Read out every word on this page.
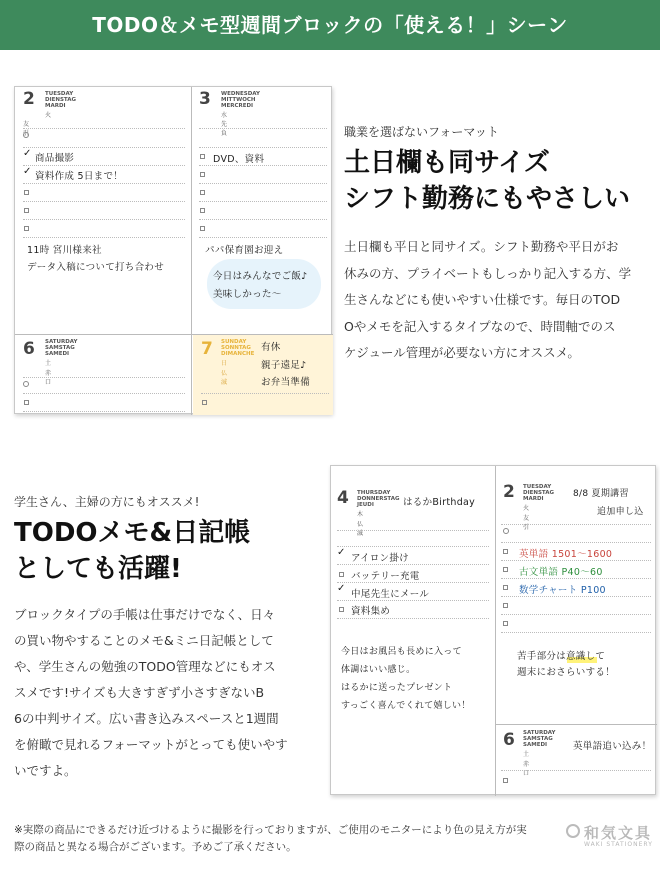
TODO＆メモ型週間ブロックの「使える！」シーン
2 TUESDAY
DIENSTAG
MARDI
火
友引
✓ 商品撮影
✓ 資料作成 5日まで！
11時 宮川様来社
データ入稿について打ち合わせ
3 WEDNESDAY
MITTWOCH
MERCREDI
水
先負
DVD、資料
パパ保育園お迎え
今日はみんなでご飯♪
美味しかった～
6 SATURDAY
SAMSTAG
SAMEDI
土
赤口
7 SUNDAY
SONNTAG
DIMANCHE
日
仏滅
有休
親子遠足♪
お弁当準備
職業を選ばないフォーマット
土日欄も同サイズ
シフト勤務にもやさしい
土日欄も平日と同サイズ。シフト勤務や平日がお
休みの方、プライベートもしっかり記入する方、学
生さんなどにも使いやすい仕様です。毎日のTOD
Oやメモを記入するタイプなので、時間軸でのス
ケジュール管理が必要ない方にオススメ。
学生さん、主婦の方にもオススメ!
TODOメモ&日記帳
としても活躍!
ブロックタイプの手帳は仕事だけでなく、日々
の買い物やすることのメモ&ミニ日記帳として
や、学生さんの勉強のTODO管理などにもオス
スメです!サイズも大きすぎず小さすぎないB
6の中判サイズ。広い書き込みスペースと1週間
を俯瞰で見れるフォーマットがとっても使いやす
いですよ。
4 THURSDAY
DONNERSTAG
JEUDI
木
仏滅
はるかBirthday
✓
アイロン掛け
バッテリー充電
✓
中尾先生にメール
資料集め
今日はお風呂も長めに入って
体調はいい感じ。
はるかに送ったプレゼント
すっごく喜んでくれて嬉しい！
2 TUESDAY
DIENSTAG
MARDI
火
友引
8/8 夏期講習
追加申し込
英単語 1501～1600
古文単語 P40～60
数学チャート P100
苦手部分は意識して
週末におさらいする！
6 SATURDAY
SAMSTAG
SAMEDI
土
赤口
英単語追い込み！
※実際の商品にできるだけ近づけるように撮影を行っておりますが、ご使用のモニターにより色の見え方が実
際の商品と異なる場合がございます。予めご了承ください。
和気文具
WAKI STATIONERY
